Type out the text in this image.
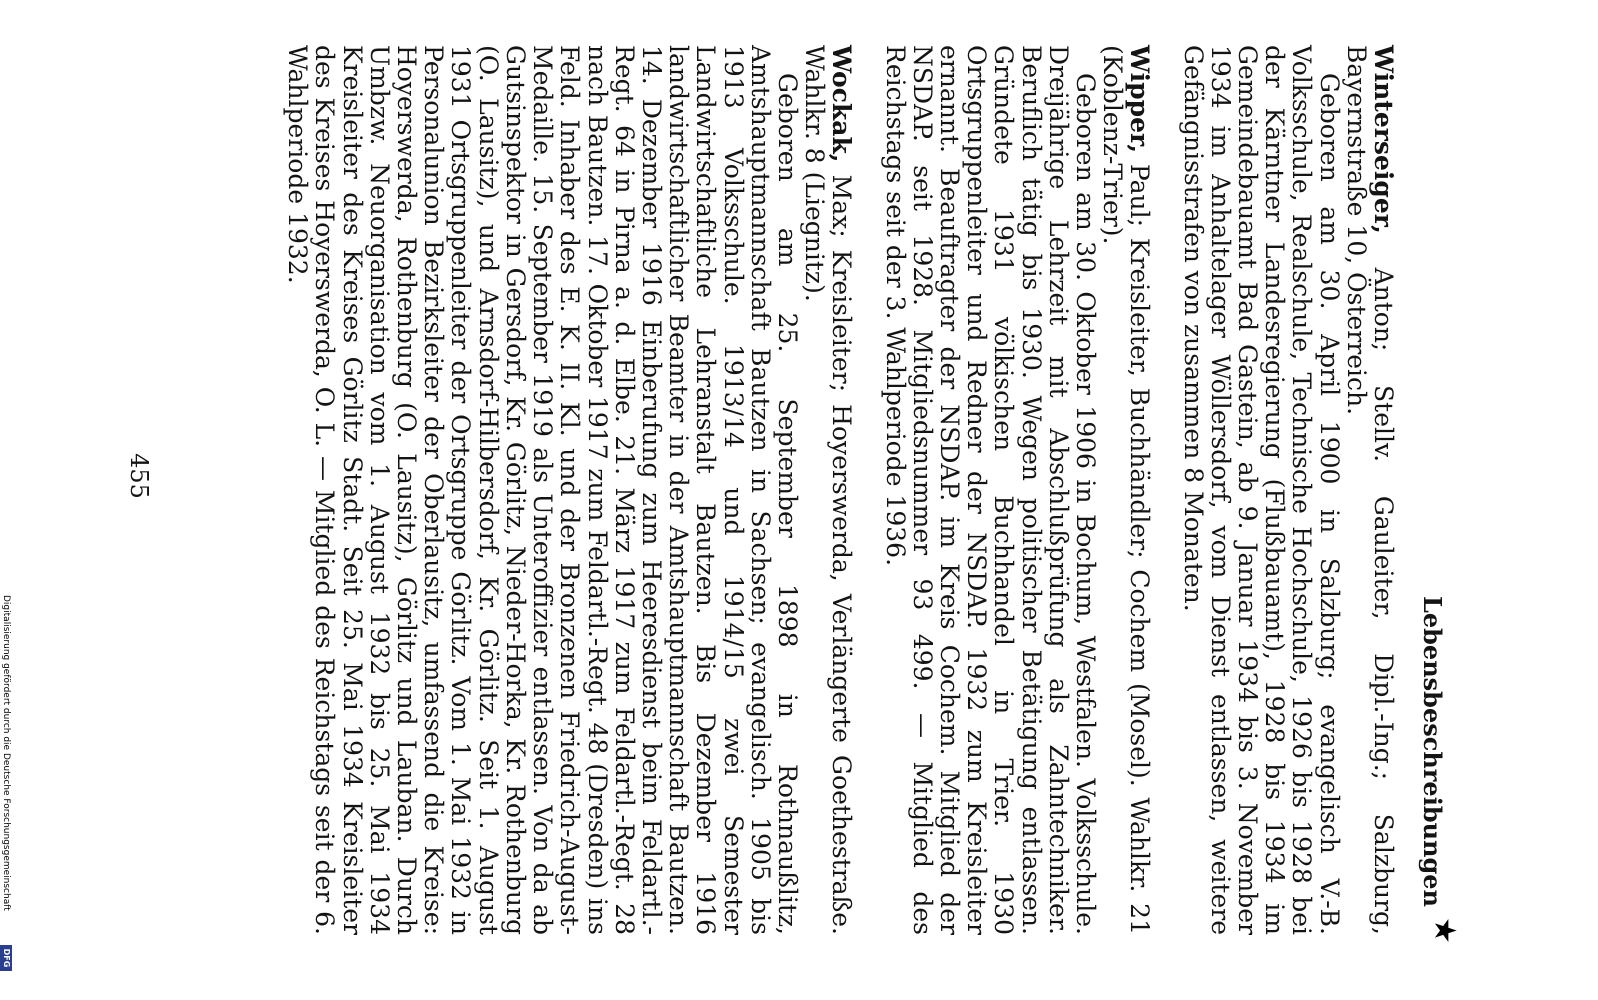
★
Lebensbeschreibungen

Winterseiger, Anton; Stellv. Gauleiter, Dipl.-Ing.; Salzburg, Bayernstraße 10, Österreich.
Geboren am 30. April 1900 in Salzburg; evangelisch V.-B. Volksschule, Realschule, Technische Hochschule, 1926 bis 1928 bei der Kärntner Landesregierung (Flußbauamt), 1928 bis 1934 im Gemeindebauamt Bad Gastein, ab 9. Januar 1934 bis 3. November 1934 im Anhaltelager Wöllersdorf, vom Dienst entlassen, weitere Gefängnisstrafen von zusammen 8 Monaten.

Wipper, Paul; Kreisleiter, Buchhändler; Cochem (Mosel). Wahlkr. 21 (Koblenz-Trier).
Geboren am 30. Oktober 1906 in Bochum, Westfalen. Volksschule. Dreijährige Lehrzeit mit Abschlußprüfung als Zahntechniker. Beruflich tätig bis 1930. Wegen politischer Betätigung entlassen. Gründete 1931 völkischen Buchhandel in Trier. 1930 Ortsgruppenleiter und Redner der NSDAP. 1932 zum Kreisleiter ernannt. Beauftragter der NSDAP. im Kreis Cochem. Mitglied der NSDAP. seit 1928. Mitgliedsnummer 93 499. — Mitglied des Reichstags seit der 3. Wahlperiode 1936.

Wockak, Max; Kreisleiter; Hoyerswerda, Verlängerte Goethestraße. Wahlkr. 8 (Liegnitz).
Geboren am 25. September 1898 in Rothnaußlitz, Amtshauptmannschaft Bautzen in Sachsen; evangelisch. 1905 bis 1913 Volksschule. 1913/14 und 1914/15 zwei Semester Landwirtschaftliche Lehranstalt Bautzen. Bis Dezember 1916 landwirtschaftlicher Beamter in der Amtshauptmannschaft Bautzen. 14. Dezember 1916 Einberufung zum Heeresdienst beim Feldartl.-Regt. 64 in Pirna a. d. Elbe. 21. März 1917 zum Feldartl.-Regt. 28 nach Bautzen. 17. Oktober 1917 zum Feldartl.-Regt. 48 (Dresden) ins Feld. Inhaber des E. K. II. Kl. und der Bronzenen Friedrich-August-Medaille. 15. September 1919 als Unteroffizier entlassen. Von da ab Gutsinspektor in Gersdorf, Kr. Görlitz, Nieder-Horka, Kr. Rothenburg (O. Lausitz), und Arnsdorf-Hilbersdorf, Kr. Görlitz. Seit 1. August 1931 Ortsgruppenleiter der Ortsgruppe Görlitz. Vom 1. Mai 1932 in Personalunion Bezirksleiter der Oberlausitz, umfassend die Kreise: Hoyerswerda, Rothenburg (O. Lausitz), Görlitz und Lauban. Durch Umbzw. Neuorganisation vom 1. August 1932 bis 25. Mai 1934 Kreisleiter des Kreises Görlitz Stadt. Seit 25. Mai 1934 Kreisleiter des Kreises Hoyerswerda, O. L. — Mitglied des Reichstags seit der 6. Wahlperiode 1932.

455
Digitalisierung gefördert durch die Deutsche Forschungsgemeinschaft
DFG
